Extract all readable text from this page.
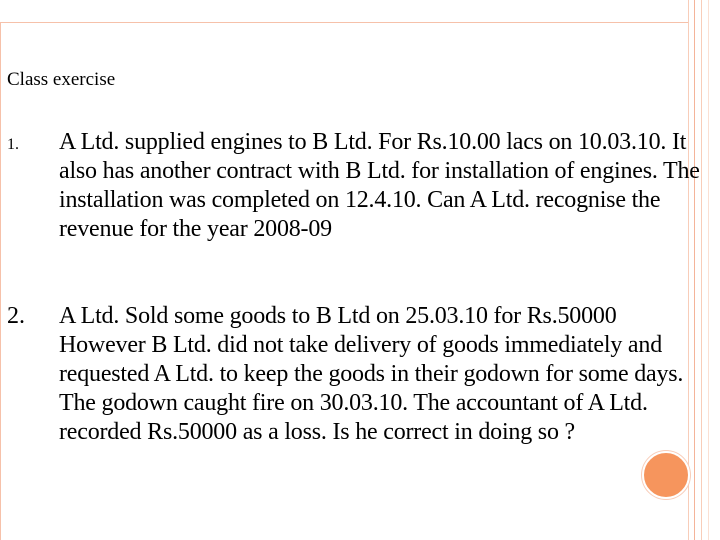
Class exercise
1. A Ltd. supplied engines to B Ltd. For Rs.10.00 lacs on 10.03.10. It also has another contract with B Ltd. for installation of engines. The installation was completed on 12.4.10. Can A Ltd. recognise the revenue for the year 2008-09
2. A Ltd. Sold some goods to B Ltd on 25.03.10 for Rs.50000 However B Ltd. did not take delivery of goods immediately and requested A Ltd. to keep the goods in their godown for some days. The godown caught fire on 30.03.10. The accountant of A Ltd. recorded Rs.50000 as a loss. Is he correct in doing so ?
